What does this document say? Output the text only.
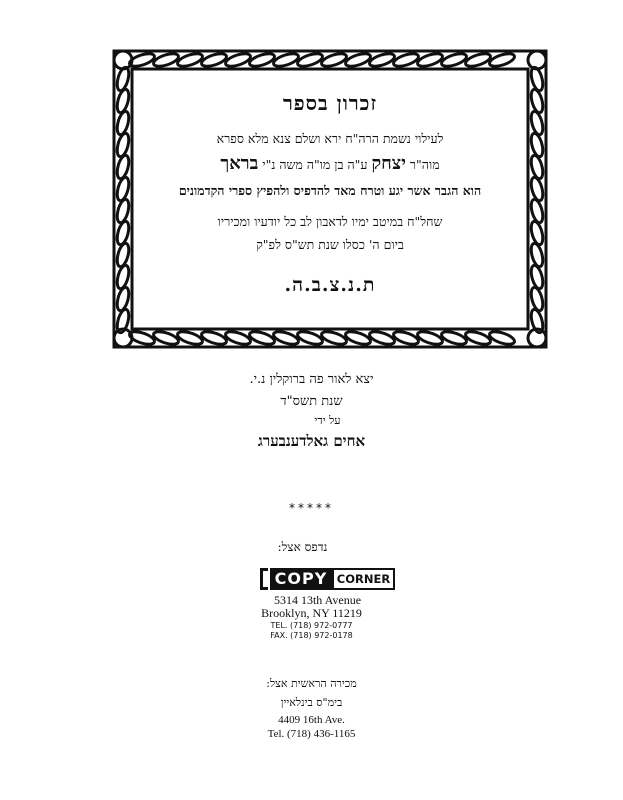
זכרון בספר
לעילוי נשמת הרה"ח ירא ושלם צנא מלא ספרא
מוה"ר יצחק ע"ה בן מו"ה משה נ"י בראך
הוא הגבר אשר יגע וטרח מאד להדפיס ולהפיץ ספרי הקדמונים
שחל"ח במיטב ימיו לדאבון לב כל יודעיו ומכיריו
ביום ה' כסלו שנת תש"ס לפ"ק
ת.נ.צ.ב.ה.
יצא לאור פה ברוקלין נ.י.
שנת תשס"ד
על ידי
אחים גאלדענבערג
*****
נדפס אצל:
COPY CORNER
5314 13th Avenue
Brooklyn, NY 11219
TEL. (718) 972-0777
FAX. (718) 972-0178
מכירה הראשית אצל:
בימ"ס בינלאיין
4409 16th Ave.
Tel. (718) 436-1165
